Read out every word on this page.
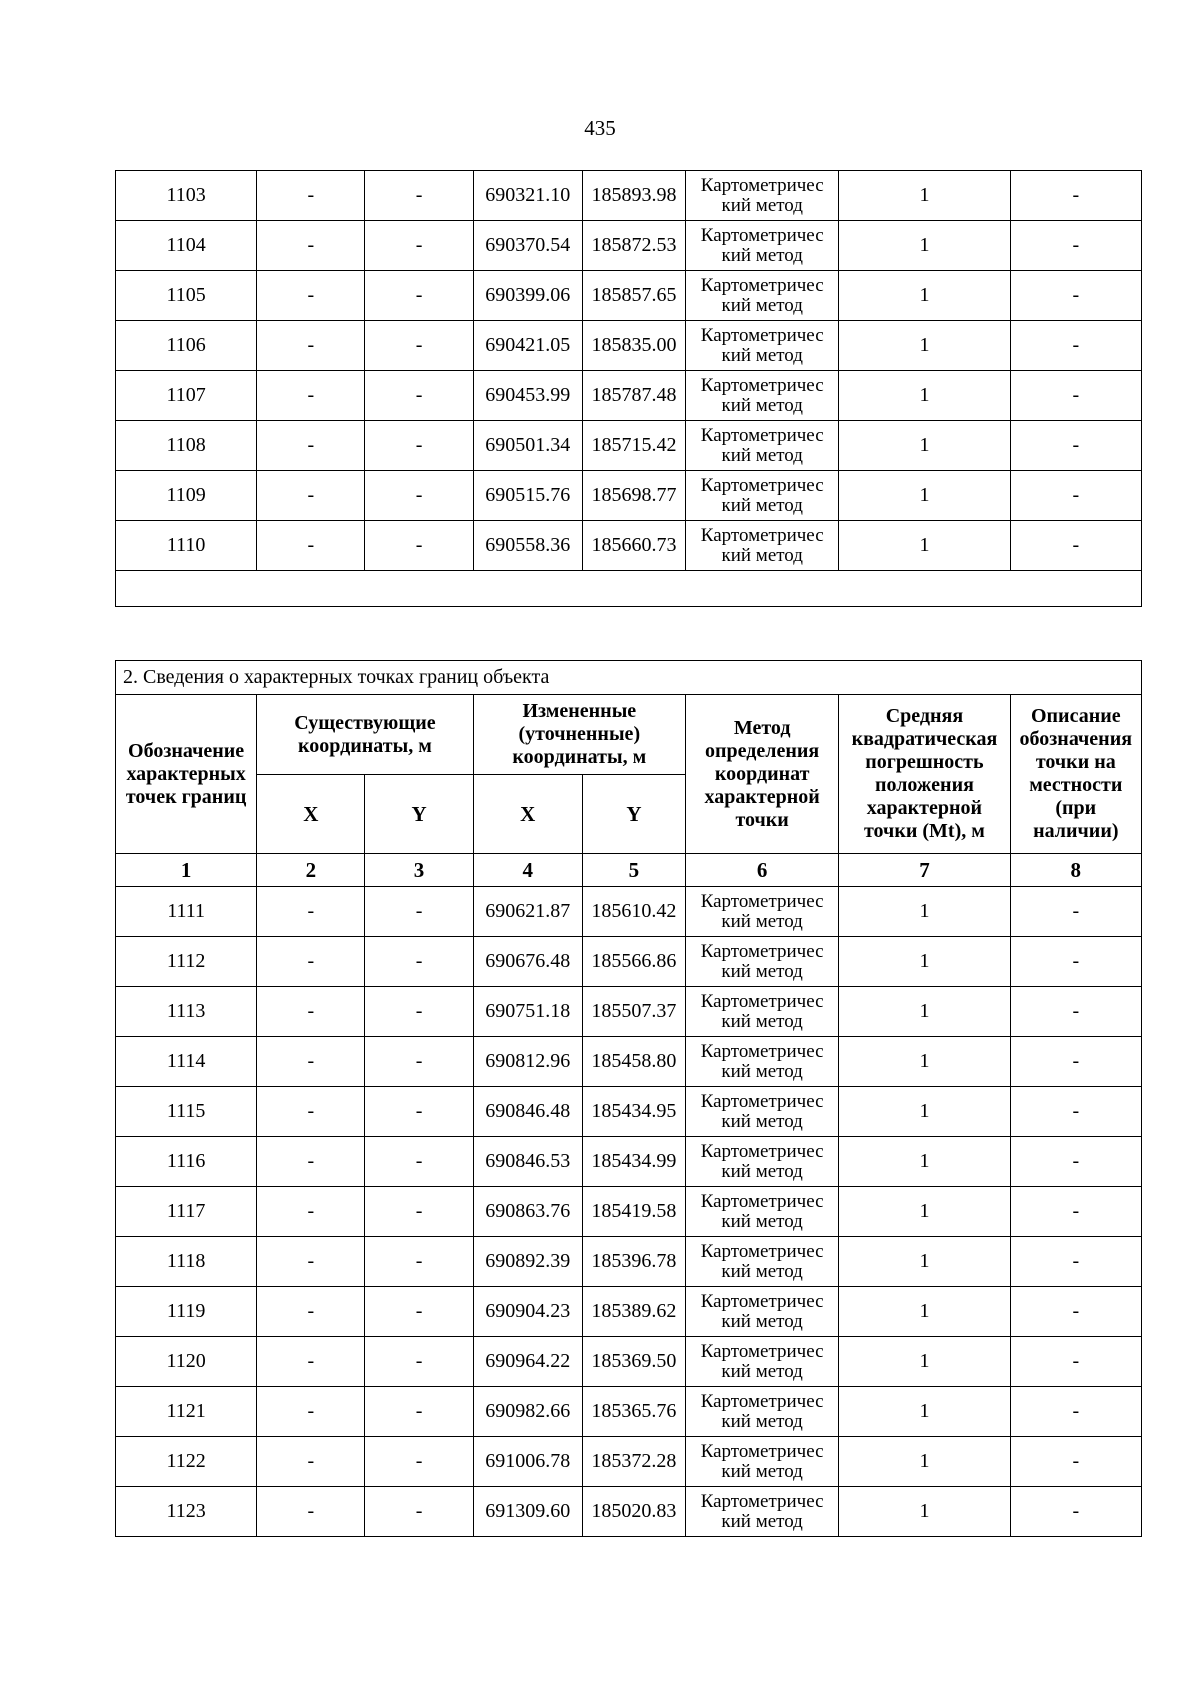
435
1103	-	-	690321.10	185893.98	Картометричес
кий метод	1	-
1104	-	-	690370.54	185872.53	Картометричес
кий метод	1	-
1105	-	-	690399.06	185857.65	Картометричес
кий метод	1	-
1106	-	-	690421.05	185835.00	Картометричес
кий метод	1	-
1107	-	-	690453.99	185787.48	Картометричес
кий метод	1	-
1108	-	-	690501.34	185715.42	Картометричес
кий метод	1	-
1109	-	-	690515.76	185698.77	Картометричес
кий метод	1	-
1110	-	-	690558.36	185660.73	Картометричес
кий метод	1	-

2. Сведения о характерных точках границ объекта							
Обозначение характерных точек границ	Существующие координаты, м		Измененные (уточненные) координаты, м		Метод определения координат характерной точки	Средняя квадратическая погрешность положения характерной точки (Mt), м	Описание обозначения точки на местности (при наличии)
	X	Y	X	Y			
1	2	3	4	5	6	7	8
1111	-	-	690621.87	185610.42	Картометричес
кий метод	1	-
1112	-	-	690676.48	185566.86	Картометричес
кий метод	1	-
1113	-	-	690751.18	185507.37	Картометричес
кий метод	1	-
1114	-	-	690812.96	185458.80	Картометричес
кий метод	1	-
1115	-	-	690846.48	185434.95	Картометричес
кий метод	1	-
1116	-	-	690846.53	185434.99	Картометричес
кий метод	1	-
1117	-	-	690863.76	185419.58	Картометричес
кий метод	1	-
1118	-	-	690892.39	185396.78	Картометричес
кий метод	1	-
1119	-	-	690904.23	185389.62	Картометричес
кий метод	1	-
1120	-	-	690964.22	185369.50	Картометричес
кий метод	1	-
1121	-	-	690982.66	185365.76	Картометричес
кий метод	1	-
1122	-	-	691006.78	185372.28	Картометричес
кий метод	1	-
1123	-	-	691309.60	185020.83	Картометричес
кий метод	1	-
